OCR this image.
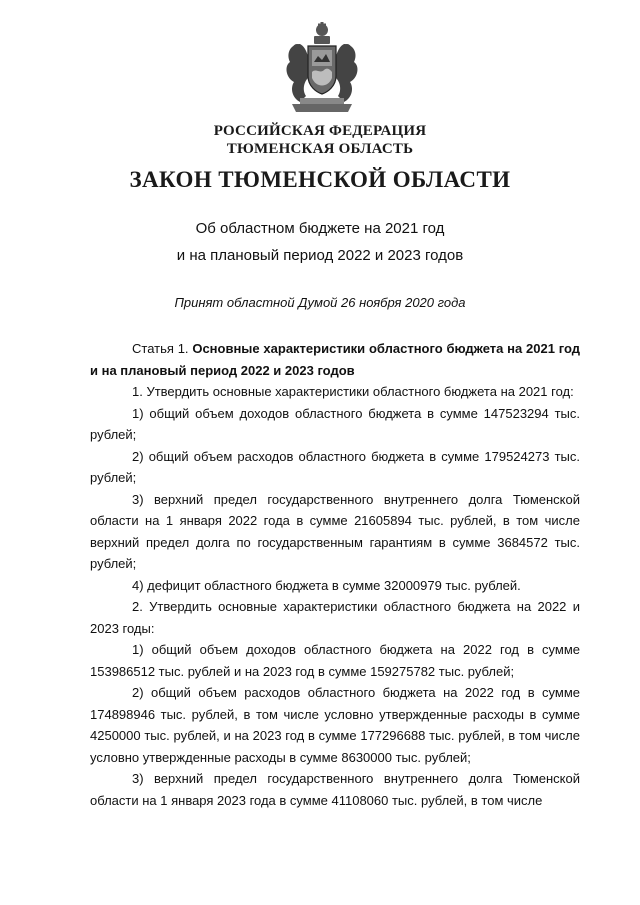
РОССИЙСКАЯ ФЕДЕРАЦИЯ
ТЮМЕНСКАЯ ОБЛАСТЬ
ЗАКОН ТЮМЕНСКОЙ ОБЛАСТИ
Об областном бюджете на 2021 год
и на плановый период 2022 и 2023 годов
Принят областной Думой 26 ноября 2020 года

Статья 1. Основные характеристики областного бюджета на 2021 год и на плановый период 2022 и 2023 годов

1. Утвердить основные характеристики областного бюджета на 2021 год:

1) общий объем доходов областного бюджета в сумме 147523294 тыс. рублей;

2) общий объем расходов областного бюджета в сумме 179524273 тыс. рублей;

3) верхний предел государственного внутреннего долга Тюменской области на 1 января 2022 года в сумме 21605894 тыс. рублей, в том числе верхний предел долга по государственным гарантиям в сумме 3684572 тыс. рублей;

4) дефицит областного бюджета в сумме 32000979 тыс. рублей.

2. Утвердить основные характеристики областного бюджета на 2022 и 2023 годы:

1) общий объем доходов областного бюджета на 2022 год в сумме 153986512 тыс. рублей и на 2023 год в сумме 159275782 тыс. рублей;

2) общий объем расходов областного бюджета на 2022 год в сумме 174898946 тыс. рублей, в том числе условно утвержденные расходы в сумме 4250000 тыс. рублей, и на 2023 год в сумме 177296688 тыс. рублей, в том числе условно утвержденные расходы в сумме 8630000 тыс. рублей;

3) верхний предел государственного внутреннего долга Тюменской области на 1 января 2023 года в сумме 41108060 тыс. рублей, в том числе
